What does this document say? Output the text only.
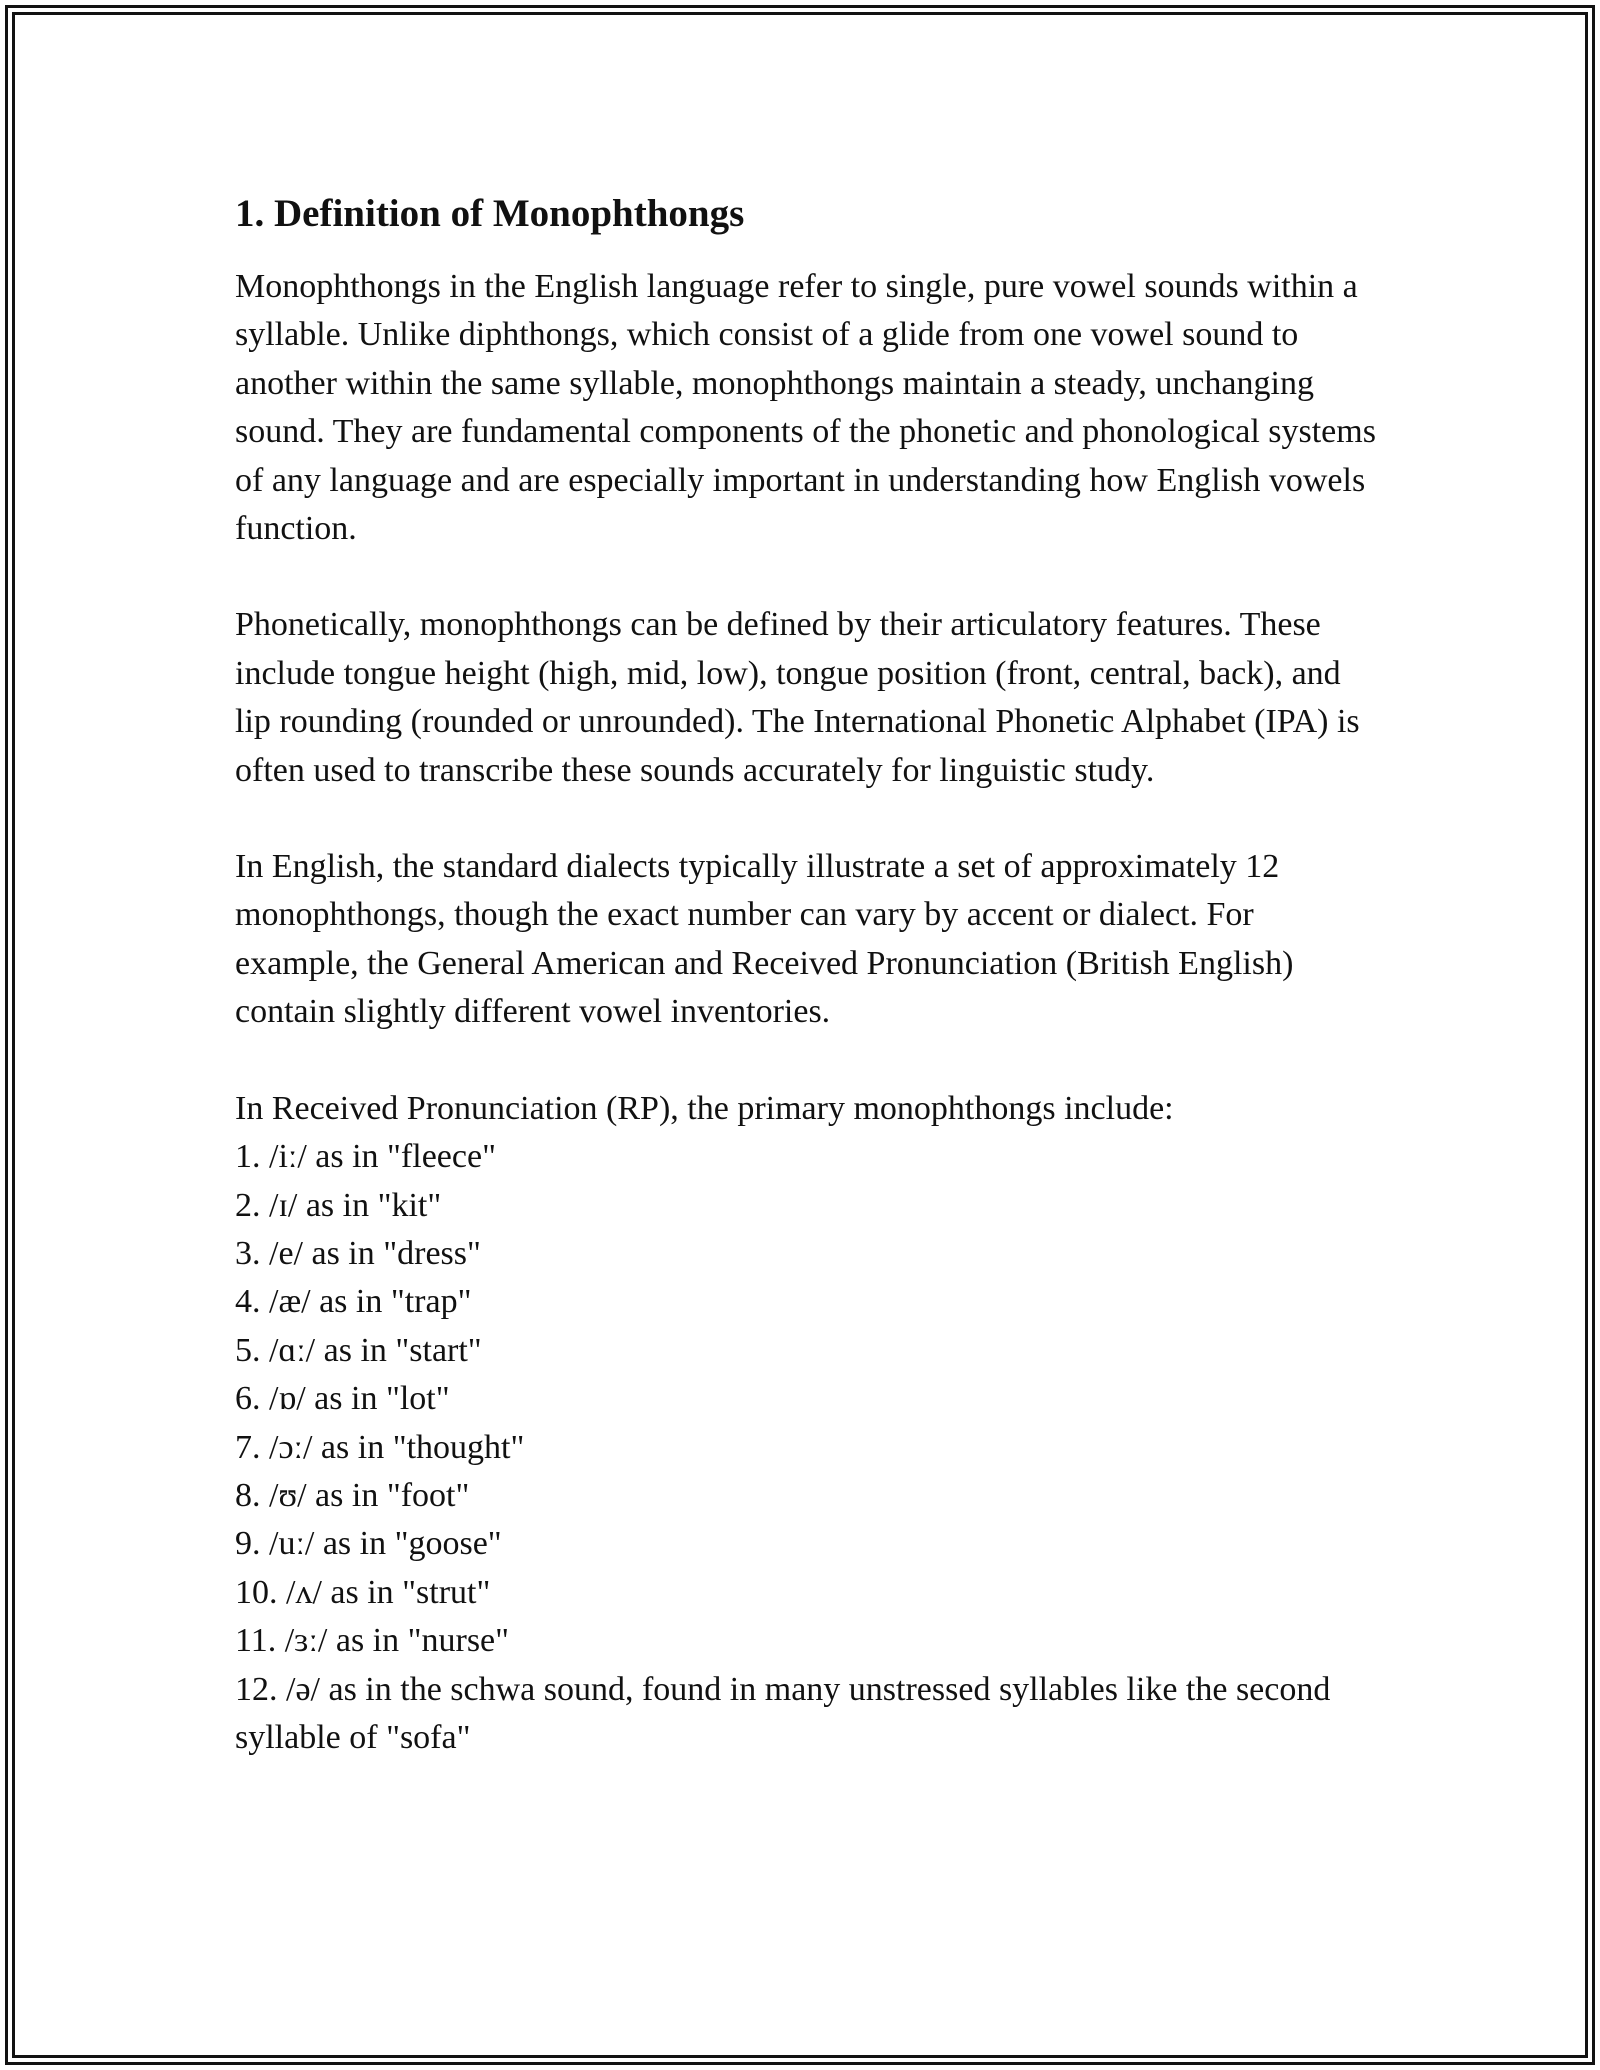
1. Definition of Monophthongs

Monophthongs in the English language refer to single, pure vowel sounds within a syllable. Unlike diphthongs, which consist of a glide from one vowel sound to another within the same syllable, monophthongs maintain a steady, unchanging sound. They are fundamental components of the phonetic and phonological systems of any language and are especially important in understanding how English vowels function.

Phonetically, monophthongs can be defined by their articulatory features. These include tongue height (high, mid, low), tongue position (front, central, back), and lip rounding (rounded or unrounded). The International Phonetic Alphabet (IPA) is often used to transcribe these sounds accurately for linguistic study.

In English, the standard dialects typically illustrate a set of approximately 12 monophthongs, though the exact number can vary by accent or dialect. For example, the General American and Received Pronunciation (British English) contain slightly different vowel inventories.

In Received Pronunciation (RP), the primary monophthongs include:

1. /iː/ as in "fleece"
2. /ɪ/ as in "kit"
3. /e/ as in "dress"
4. /æ/ as in "trap"
5. /ɑː/ as in "start"
6. /ɒ/ as in "lot"
7. /ɔː/ as in "thought"
8. /ʊ/ as in "foot"
9. /uː/ as in "goose"
10. /ʌ/ as in "strut"
11. /ɜː/ as in "nurse"
12. /ə/ as in the schwa sound, found in many unstressed syllables like the second syllable of "sofa"
